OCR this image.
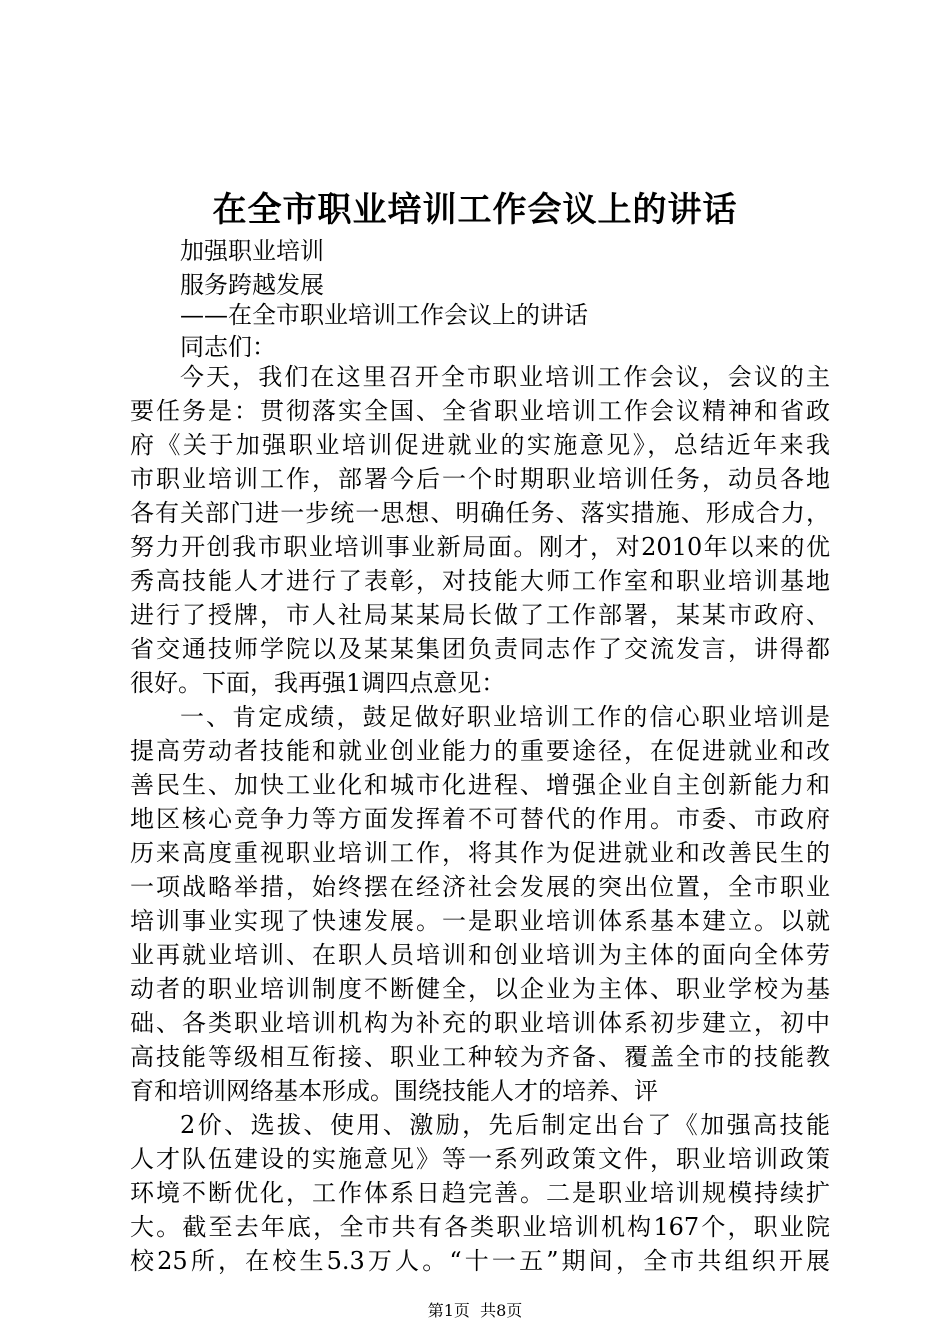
在全市职业培训工作会议上的讲话
加强职业培训
服务跨越发展
——在全市职业培训工作会议上的讲话
同志们：
今天，我们在这里召开全市职业培训工作会议，会议的主
要任务是：贯彻落实全国、全省职业培训工作会议精神和省政
府《关于加强职业培训促进就业的实施意见》，总结近年来我
市职业培训工作，部署今后一个时期职业培训任务，动员各地
各有关部门进一步统一思想、明确任务、落实措施、形成合力，
努力开创我市职业培训事业新局面。刚才，对2010年以来的优
秀高技能人才进行了表彰，对技能大师工作室和职业培训基地
进行了授牌，市人社局某某局长做了工作部署，某某市政府、
省交通技师学院以及某某集团负责同志作了交流发言，讲得都
很好。下面，我再强1调四点意见：
一、肯定成绩，鼓足做好职业培训工作的信心职业培训是
提高劳动者技能和就业创业能力的重要途径，在促进就业和改
善民生、加快工业化和城市化进程、增强企业自主创新能力和
地区核心竞争力等方面发挥着不可替代的作用。市委、市政府
历来高度重视职业培训工作，将其作为促进就业和改善民生的
一项战略举措，始终摆在经济社会发展的突出位置，全市职业
培训事业实现了快速发展。一是职业培训体系基本建立。以就
业再就业培训、在职人员培训和创业培训为主体的面向全体劳
动者的职业培训制度不断健全，以企业为主体、职业学校为基
础、各类职业培训机构为补充的职业培训体系初步建立，初中
高技能等级相互衔接、职业工种较为齐备、覆盖全市的技能教
育和培训网络基本形成。围绕技能人才的培养、评
2价、选拔、使用、激励，先后制定出台了《加强高技能
人才队伍建设的实施意见》等一系列政策文件，职业培训政策
环境不断优化，工作体系日趋完善。二是职业培训规模持续扩
大。截至去年底，全市共有各类职业培训机构167个，职业院
校25所，在校生5.3万人。“十一五”期间，全市共组织开展
第1页  共8页
